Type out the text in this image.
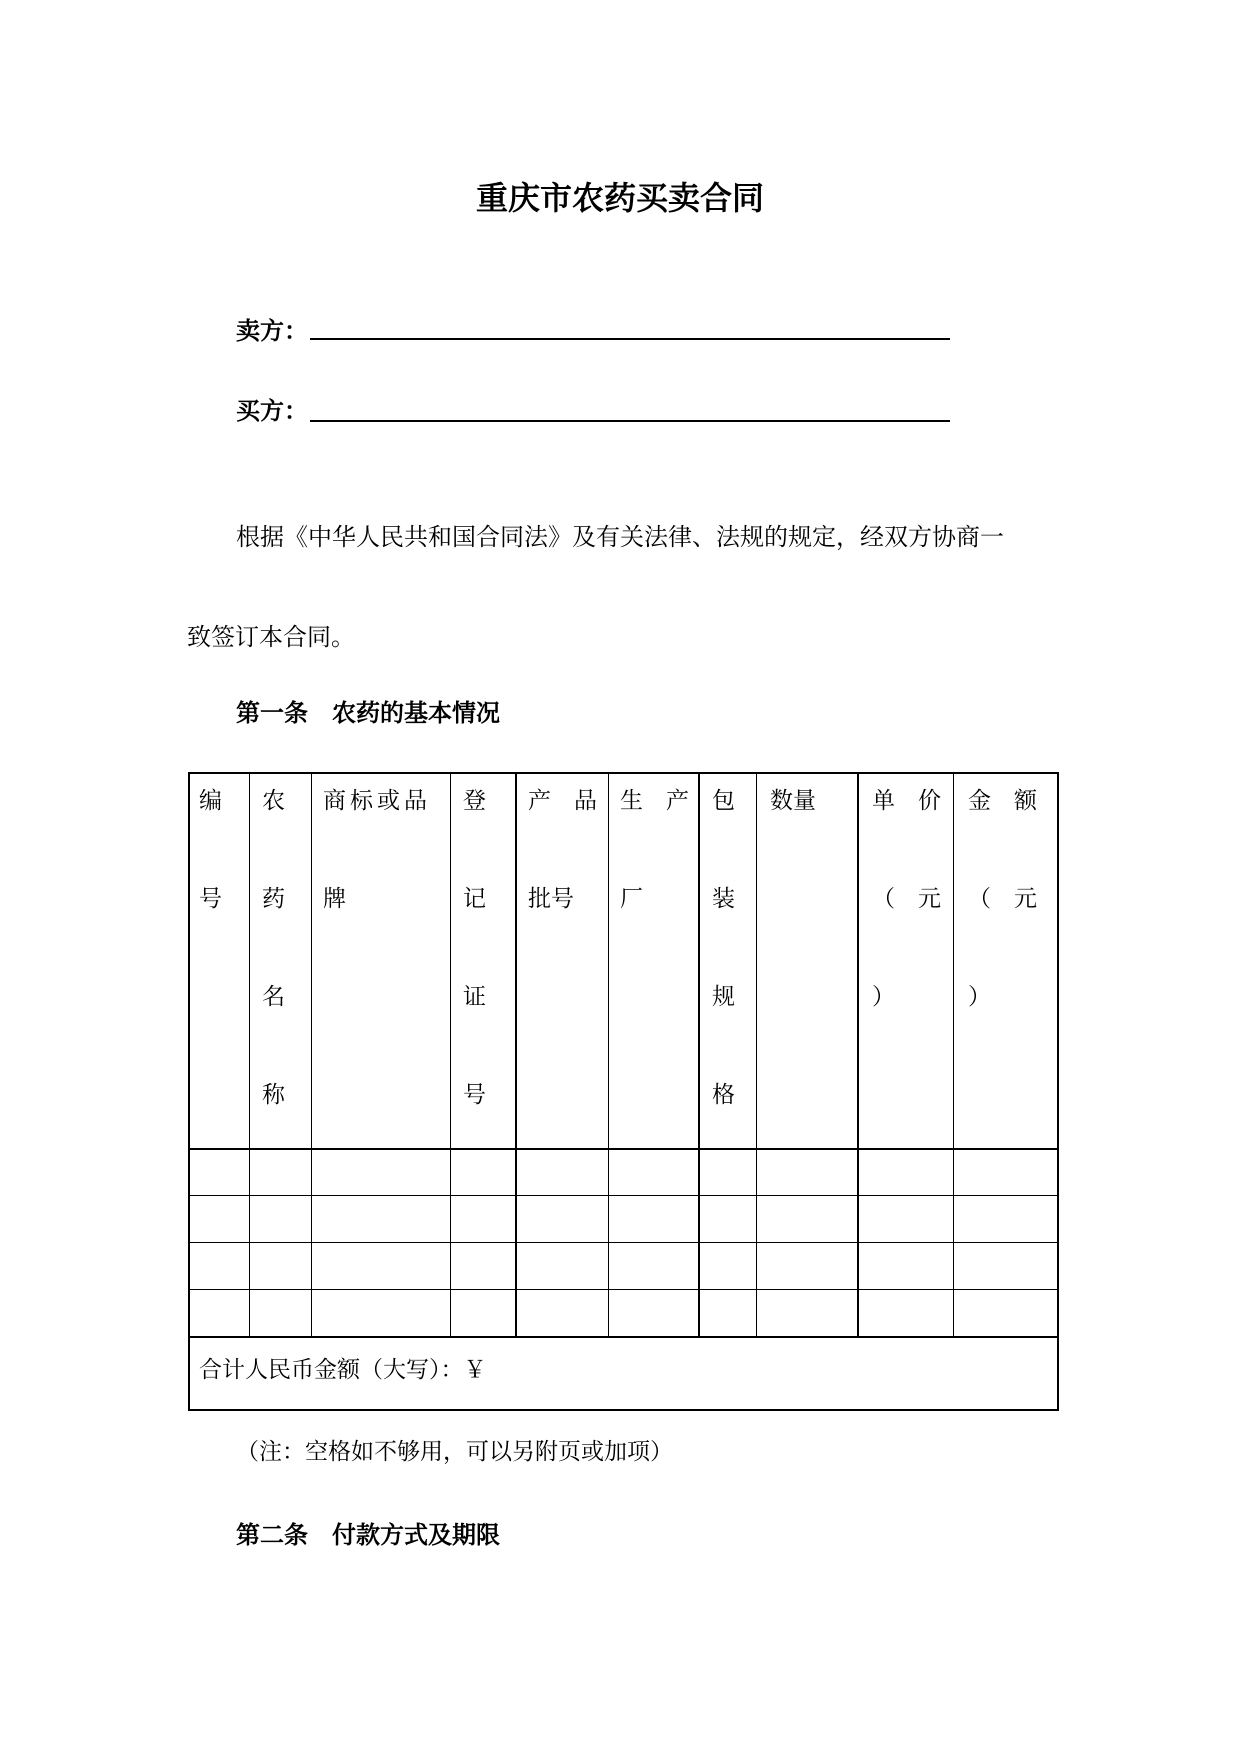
重庆市农药买卖合同
卖方：
买方：
根据《中华人民共和国合同法》及有关法律、法规的规定，经双方协商一
致签订本合同。
第一条　农药的基本情况
编
号
农
药
名
称
商标或品
牌
登
记
证
号
产　品
批号
生　产
厂
包
装
规
格
数量 单　价
（　元
）
金　额
（　元
）
合计人民币金额（大写）：￥
（注：空格如不够用，可以另附页或加项）
第二条　付款方式及期限
